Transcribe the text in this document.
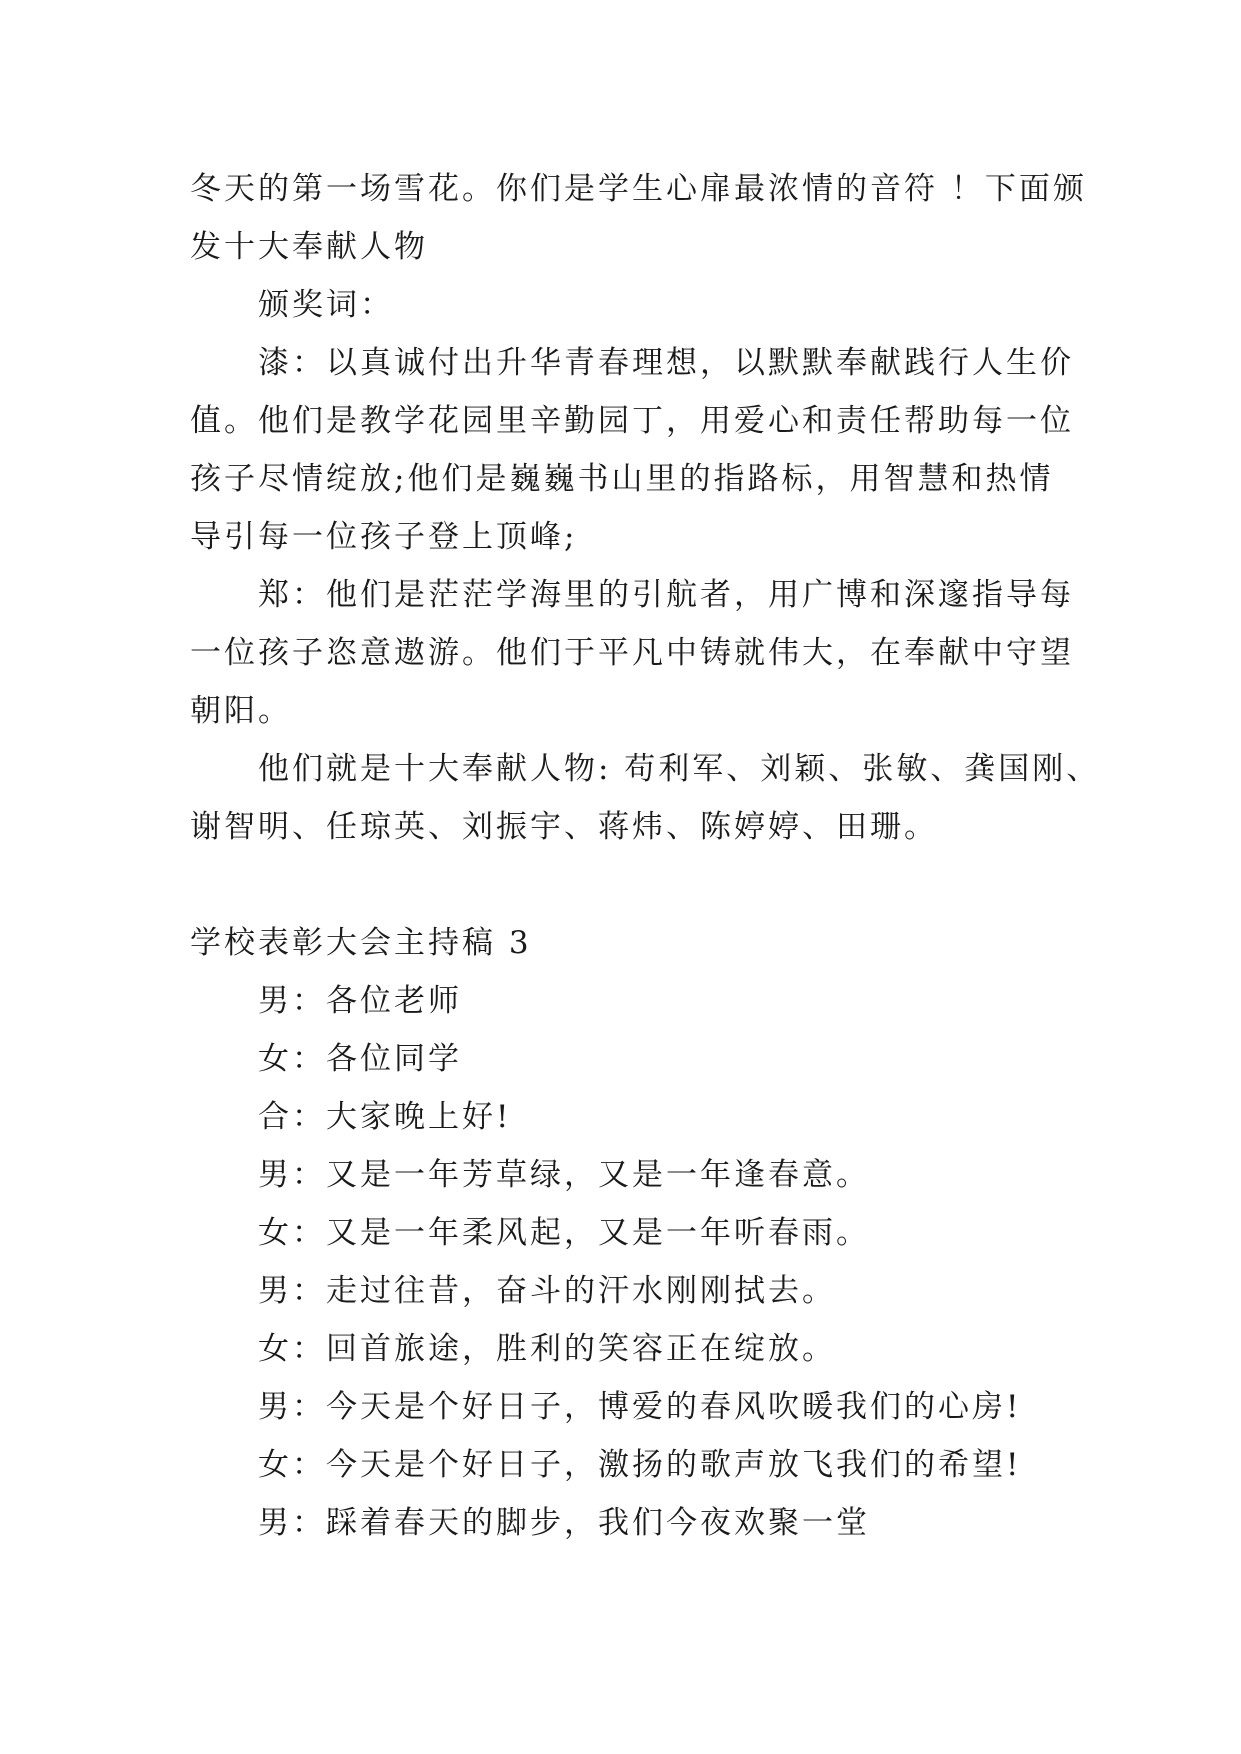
冬天的第一场雪花。你们是学生心扉最浓情的音符 ！下面颁
发十大奉献人物
颁奖词：
漆：以真诚付出升华青春理想，以默默奉献践行人生价
值。他们是教学花园里辛勤园丁，用爱心和责任帮助每一位
孩子尽情绽放;他们是巍巍书山里的指路标，用智慧和热情
导引每一位孩子登上顶峰;
郑：他们是茫茫学海里的引航者，用广博和深邃指导每
一位孩子恣意遨游。他们于平凡中铸就伟大，在奉献中守望
朝阳。
他们就是十大奉献人物: 苟利军、刘颖、张敏、龚国刚、
谢智明、任琼英、刘振宇、蒋炜、陈婷婷、田珊。
学校表彰大会主持稿 3
男：各位老师
女：各位同学
合：大家晚上好!
男：又是一年芳草绿，又是一年逢春意。
女：又是一年柔风起，又是一年听春雨。
男：走过往昔，奋斗的汗水刚刚拭去。
女：回首旅途，胜利的笑容正在绽放。
男：今天是个好日子，博爱的春风吹暖我们的心房!
女：今天是个好日子，激扬的歌声放飞我们的希望!
男：踩着春天的脚步，我们今夜欢聚一堂
